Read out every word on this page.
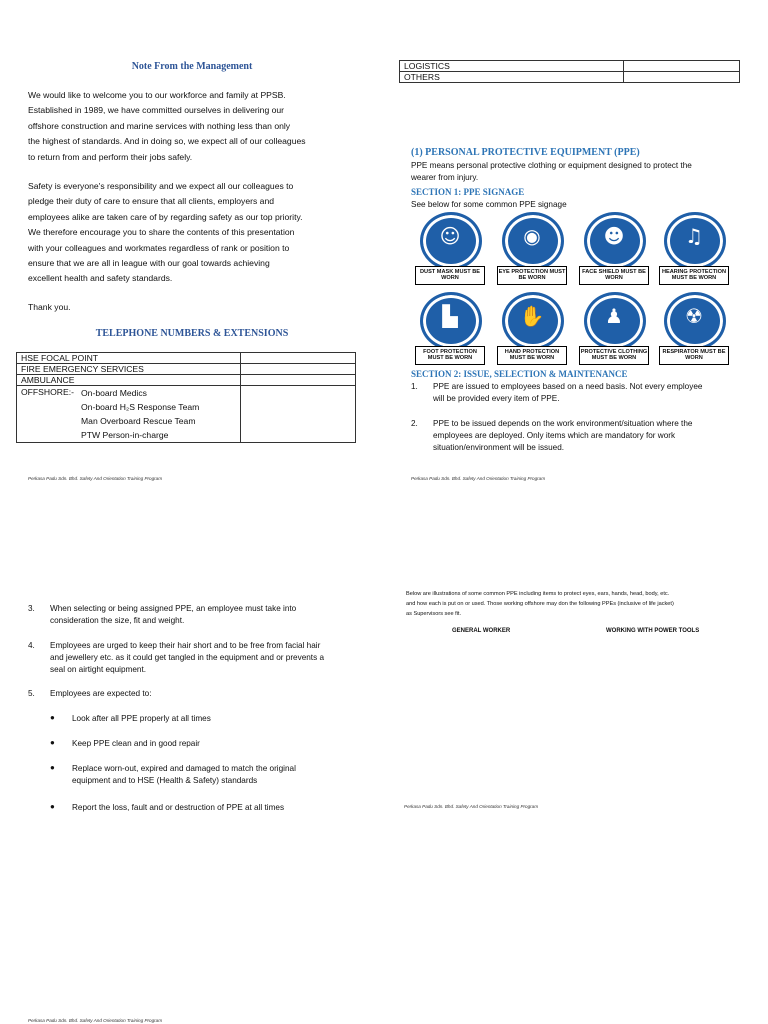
Note From the Management

We would like to welcome you to our workforce and family at PPSB.

Established in 1989, we have committed ourselves in delivering our

offshore construction and marine services with nothing less than only

the highest of standards. And in doing so, we expect all of our colleagues

to return from and perform their jobs safely.

Safety is everyone's responsibility and we expect all our colleagues to

pledge their duty of care to ensure that all clients, employers and

employees alike are taken care of by regarding safety as our top priority.

We therefore encourage you to share the contents of this presentation

with your colleagues and workmates regardless of rank or position to

ensure that we are all in league with our goal towards achieving

excellent health and safety standards.

Thank you.

TELEPHONE NUMBERS & EXTENSIONS
HSE FOCAL POINT	
FIRE EMERGENCY SERVICES	
AMBULANCE	

OFFSHORE:- On-board Medics
On-board H₂S Response Team
Man Overboard Rescue Team
PTW Person-in-charge	

Perkasa Padu Sdn. Bhd. Safety And Orientation Training Program
LOGISTICS	
OTHERS	
(1) PERSONAL PROTECTIVE EQUIPMENT (PPE)
PPE means personal protective clothing or equipment designed to protect the
wearer from injury.
SECTION 1: PPE SIGNAGE
See below for some common PPE signage
☺
DUST MASK MUST BE WORN
◉
EYE PROTECTION MUST BE WORN
☻
FACE SHIELD MUST BE WORN
♫
HEARING PROTECTION MUST BE WORN
▙
FOOT PROTECTION MUST BE WORN
✋
HAND PROTECTION MUST BE WORN
♟
PROTECTIVE CLOTHING MUST BE WORN
☢
RESPIRATOR MUST BE WORN
SECTION 2: ISSUE, SELECTION & MAINTENANCE
1. PPE are issued to employees based on a need basis. Not every employee
will be provided every item of PPE.
2. PPE to be issued depends on the work environment/situation where the
employees are deployed. Only items which are mandatory for work
situation/environment will be issued.
Perkasa Padu Sdn. Bhd. Safety And Orientation Training Program
3. When selecting or being assigned PPE, an employee must take into
consideration the size, fit and weight.
4. Employees are urged to keep their hair short and to be free from facial hair
and jewellery etc. as it could get tangled in the equipment and or prevents a
seal on airtight equipment.
5. Employees are expected to:
● Look after all PPE properly at all times
● Keep PPE clean and in good repair
● Replace worn-out, expired and damaged to match the original
equipment and to HSE (Health & Safety) standards
● Report the loss, fault and or destruction of PPE at all times
Perkasa Padu Sdn. Bhd. Safety And Orientation Training Program
Below are illustrations of some common PPE including items to protect eyes, ears, hands, head, body, etc.
and how each is put on or used. Those working offshore may don the following PPEs (inclusive of life jacket)
as Supervisors see fit.
GENERAL WORKER	WORKING WITH POWER TOOLS
Perkasa Padu Sdn. Bhd. Safety And Orientation Training Program
